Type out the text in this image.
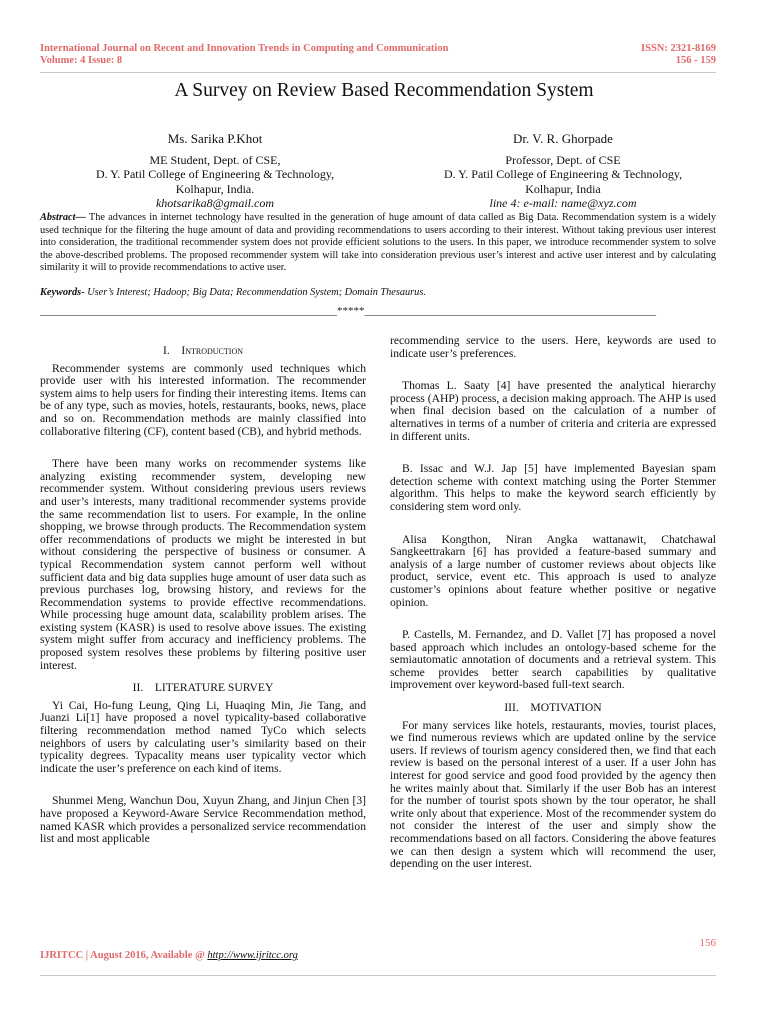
International Journal on Recent and Innovation Trends in Computing and Communication
Volume: 4 Issue: 8
ISSN: 2321-8169
156 - 159
A Survey on Review Based Recommendation System
Ms. Sarika P.Khot
ME Student, Dept. of CSE,
D. Y. Patil College of Engineering & Technology,
Kolhapur, India.
khotsarika8@gmail.com
Dr. V. R. Ghorpade
Professor, Dept. of CSE
D. Y. Patil College of Engineering & Technology,
Kolhapur, India
line 4: e-mail: name@xyz.com
Abstract— The advances in internet technology have resulted in the generation of huge amount of data called as Big Data. Recommendation system is a widely used technique for the filtering the huge amount of data and providing recommendations to users according to their interest. Without taking previous user interest into consideration, the traditional recommender system does not provide efficient solutions to the users. In this paper, we introduce recommender system to solve the above-described problems. The proposed recommender system will take into consideration previous user’s interest and active user interest and by calculating similarity it will to provide recommendations to active user.
Keywords- User’s Interest; Hadoop; Big Data; Recommendation System; Domain Thesaurus.
______________________________________________________*****_____________________________________________________
I. Introduction

Recommender systems are commonly used techniques which provide user with his interested information. The recommender system aims to help users for finding their interesting items. Items can be of any type, such as movies, hotels, restaurants, books, news, place and so on. Recommendation methods are mainly classified into collaborative filtering (CF), content based (CB), and hybrid methods.

There have been many works on recommender systems like analyzing existing recommender system, developing new recommender system. Without considering previous users reviews and user’s interests, many traditional recommender systems provide the same recommendation list to users. For example, In the online shopping, we browse through products. The Recommendation system offer recommendations of products we might be interested in but without considering the perspective of business or consumer. A typical Recommendation system cannot perform well without sufficient data and big data supplies huge amount of user data such as previous purchases log, browsing history, and reviews for the Recommendation systems to provide effective recommendations. While processing huge amount data, scalability problem arises. The existing system (KASR) is used to resolve above issues. The existing system might suffer from accuracy and inefficiency problems. The proposed system resolves these problems by filtering positive user interest.

II. LITERATURE SURVEY

Yi Cai, Ho-fung Leung, Qing Li, Huaqing Min, Jie Tang, and Juanzi Li[1] have proposed a novel typicality-based collaborative filtering recommendation method named TyCo which selects neighbors of users by calculating user’s similarity based on their typicality degrees. Typacality means user typicality vector which indicate the user’s preference on each kind of items.

Shunmei Meng, Wanchun Dou, Xuyun Zhang, and Jinjun Chen [3] have proposed a Keyword-Aware Service Recommendation method, named KASR which provides a personalized service recommendation list and most applicable

recommending service to the users. Here, keywords are used to indicate user’s preferences.

Thomas L. Saaty [4] have presented the analytical hierarchy process (AHP) process, a decision making approach. The AHP is used when final decision based on the calculation of a number of alternatives in terms of a number of criteria and criteria are expressed in different units.

B. Issac and W.J. Jap [5] have implemented Bayesian spam detection scheme with context matching using the Porter Stemmer algorithm. This helps to make the keyword search efficiently by considering stem word only.

Alisa Kongthon, Niran Angka wattanawit, Chatchawal Sangkeettrakarn [6] has provided a feature-based summary and analysis of a large number of customer reviews about objects like product, service, event etc. This approach is used to analyze customer’s opinions about feature whether positive or negative opinion.

P. Castells, M. Fernandez, and D. Vallet [7] has proposed a novel based approach which includes an ontology-based scheme for the semiautomatic annotation of documents and a retrieval system. This scheme provides better search capabilities by qualitative improvement over keyword-based full-text search.

III. MOTIVATION

For many services like hotels, restaurants, movies, tourist places, we find numerous reviews which are updated online by the service users. If reviews of tourism agency considered then, we find that each review is based on the personal interest of a user. If a user John has interest for good service and good food provided by the agency then he writes mainly about that. Similarly if the user Bob has an interest for the number of tourist spots shown by the tour operator, he shall write only about that experience. Most of the recommender system do not consider the interest of the user and simply show the recommendations based on all factors. Considering the above features we can then design a system which will recommend the user, depending on the user interest.

156
IJRITCC | August 2016, Available @ http://www.ijritcc.org
